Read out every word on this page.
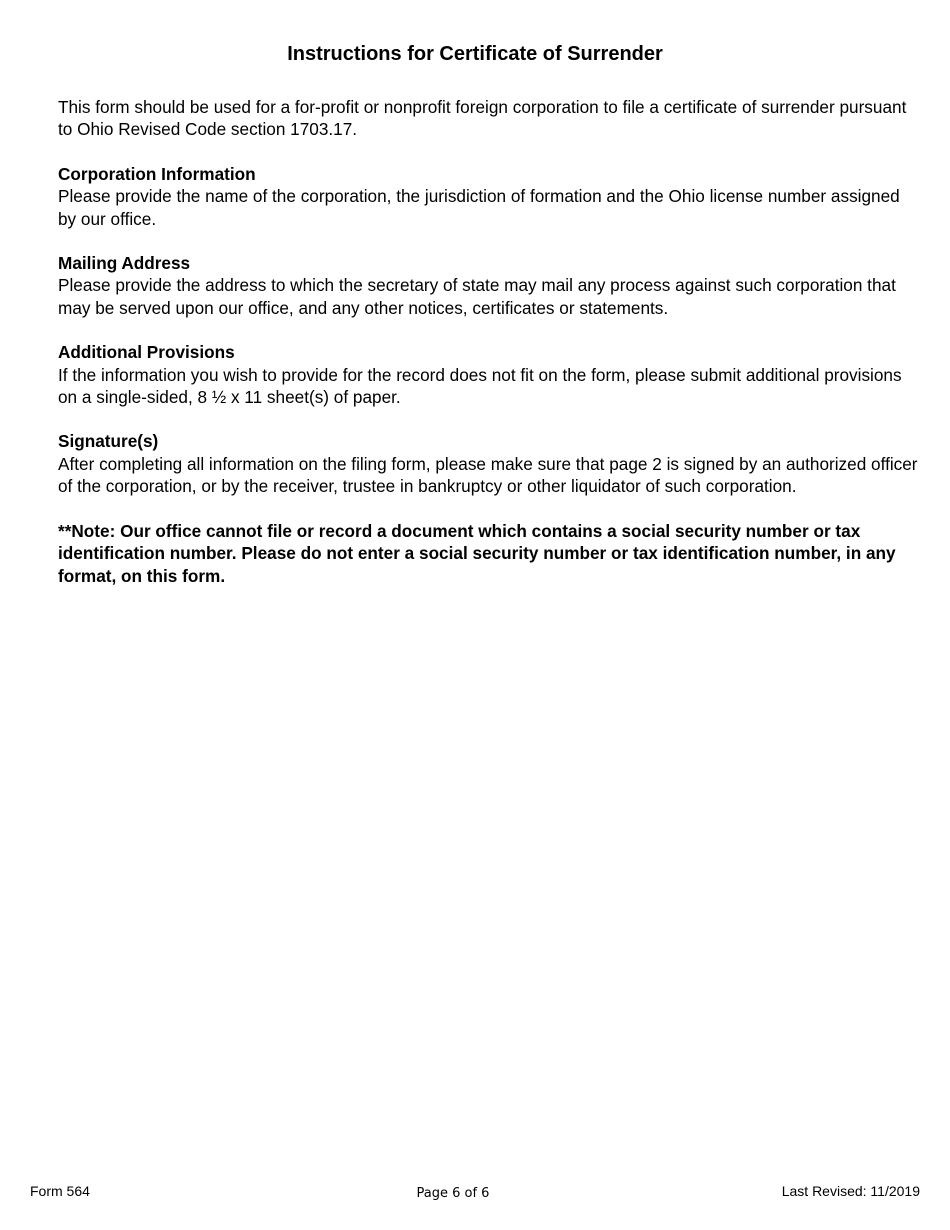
Instructions for Certificate of Surrender

This form should be used for a for-profit or nonprofit foreign corporation to file a certificate of surrender pursuant to Ohio Revised Code section 1703.17.

Corporation Information

Please provide the name of the corporation, the jurisdiction of formation and the Ohio license number assigned by our office.

Mailing Address

Please provide the address to which the secretary of state may mail any process against such corporation that may be served upon our office, and any other notices, certificates or statements.

Additional Provisions

If the information you wish to provide for the record does not fit on the form, please submit additional provisions on a single-sided, 8 ½ x 11 sheet(s) of paper.

Signature(s)

After completing all information on the filing form, please make sure that page 2 is signed by an authorized officer of the corporation, or by the receiver, trustee in bankruptcy or other liquidator of such corporation.

**Note: Our office cannot file or record a document which contains a social security number or tax identification number. Please do not enter a social security number or tax identification number, in any format, on this form.

Form 564	Page 6 of 6	Last Revised: 11/2019
